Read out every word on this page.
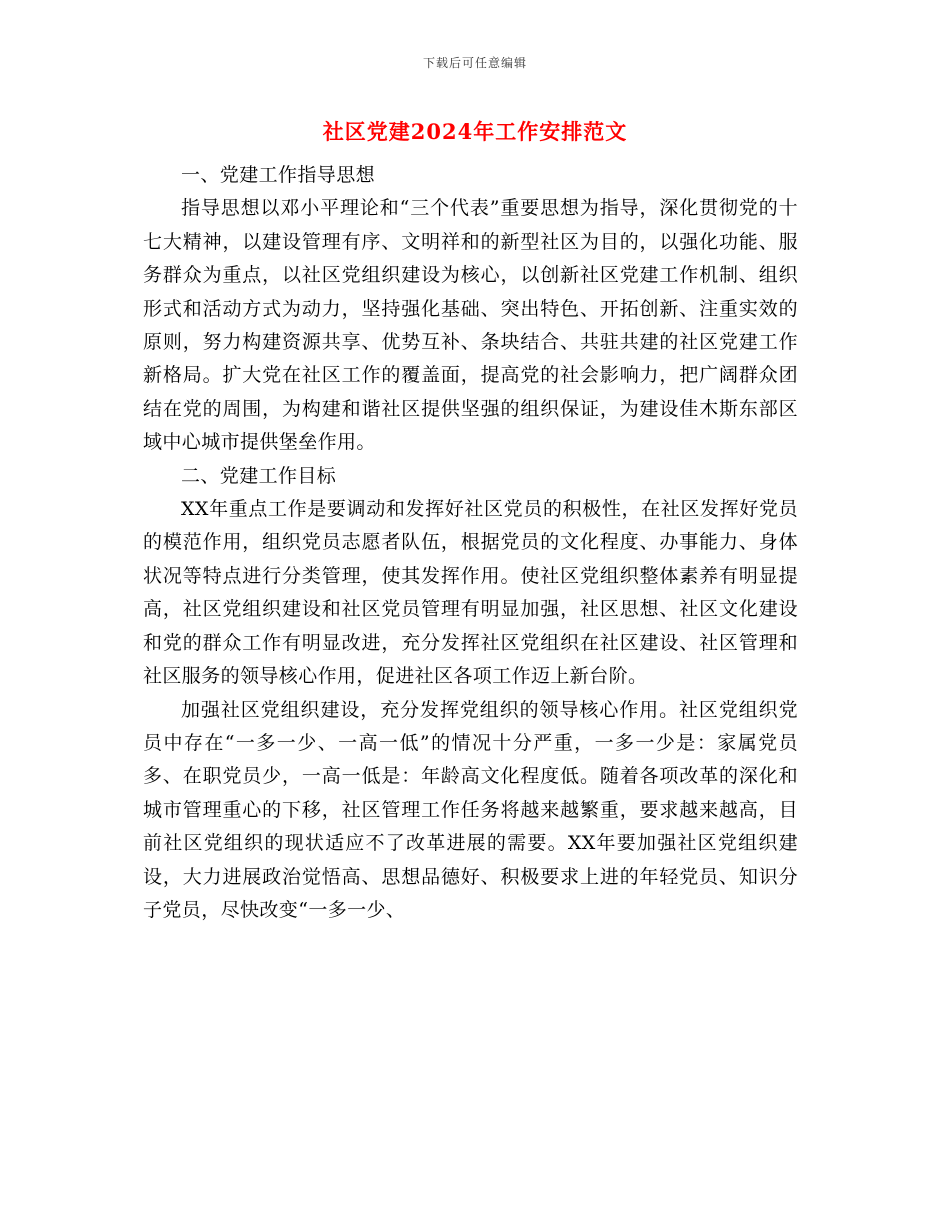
下载后可任意编辑
社区党建2024年工作安排范文

一、党建工作指导思想

指导思想以邓小平理论和“三个代表”重要思想为指导，深化贯彻党的十七大精神，以建设管理有序、文明祥和的新型社区为目的，以强化功能、服务群众为重点，以社区党组织建设为核心，以创新社区党建工作机制、组织形式和活动方式为动力，坚持强化基础、突出特色、开拓创新、注重实效的原则，努力构建资源共享、优势互补、条块结合、共驻共建的社区党建工作新格局。扩大党在社区工作的覆盖面，提高党的社会影响力，把广阔群众团结在党的周围，为构建和谐社区提供坚强的组织保证，为建设佳木斯东部区域中心城市提供堡垒作用。

二、党建工作目标

XX年重点工作是要调动和发挥好社区党员的积极性，在社区发挥好党员的模范作用，组织党员志愿者队伍，根据党员的文化程度、办事能力、身体状况等特点进行分类管理，使其发挥作用。使社区党组织整体素养有明显提高，社区党组织建设和社区党员管理有明显加强，社区思想、社区文化建设和党的群众工作有明显改进，充分发挥社区党组织在社区建设、社区管理和社区服务的领导核心作用，促进社区各项工作迈上新台阶。

加强社区党组织建设，充分发挥党组织的领导核心作用。社区党组织党员中存在“一多一少、一高一低”的情况十分严重，一多一少是：家属党员多、在职党员少，一高一低是：年龄高文化程度低。随着各项改革的深化和城市管理重心的下移，社区管理工作任务将越来越繁重，要求越来越高，目前社区党组织的现状适应不了改革进展的需要。XX年要加强社区党组织建设，大力进展政治觉悟高、思想品德好、积极要求上进的年轻党员、知识分子党员，尽快改变“一多一少、
